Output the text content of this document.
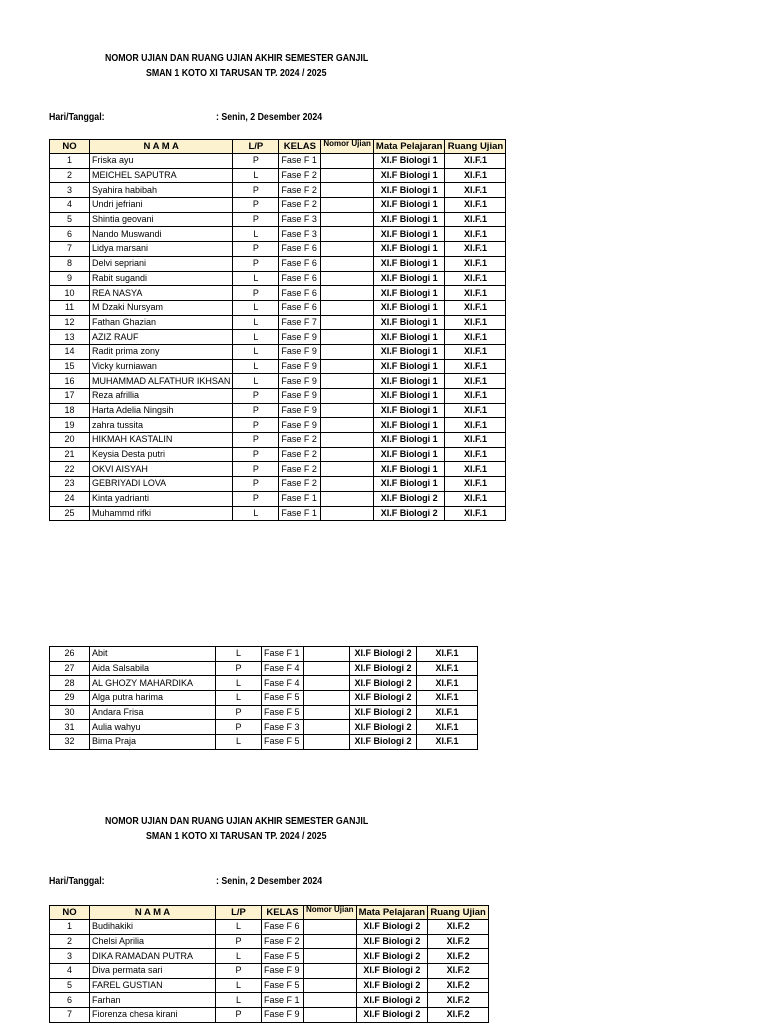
NOMOR UJIAN DAN RUANG UJIAN AKHIR SEMESTER GANJIL
SMAN 1 KOTO XI TARUSAN TP. 2024 / 2025
Hari/Tanggal:	: Senin, 2 Desember 2024
NO	N A M A	L/P	KELAS	Nomor Ujian	Mata Pelajaran	Ruang Ujian
1	Friska ayu	P	Fase F 1		XI.F Biologi 1	XI.F.1
2	MEICHEL SAPUTRA	L	Fase F 2		XI.F Biologi 1	XI.F.1
3	Syahira habibah	P	Fase F 2		XI.F Biologi 1	XI.F.1
4	Undri jefriani	P	Fase F 2		XI.F Biologi 1	XI.F.1
5	Shintia geovani	P	Fase F 3		XI.F Biologi 1	XI.F.1
6	Nando Muswandi	L	Fase F 3		XI.F Biologi 1	XI.F.1
7	Lidya marsani	P	Fase F 6		XI.F Biologi 1	XI.F.1
8	Delvi sepriani	P	Fase F 6		XI.F Biologi 1	XI.F.1
9	Rabit sugandi	L	Fase F 6		XI.F Biologi 1	XI.F.1
10	REA NASYA	P	Fase F 6		XI.F Biologi 1	XI.F.1
11	M Dzaki Nursyam	L	Fase F 6		XI.F Biologi 1	XI.F.1
12	Fathan Ghazian	L	Fase F 7		XI.F Biologi 1	XI.F.1
13	AZIZ RAUF	L	Fase F 9		XI.F Biologi 1	XI.F.1
14	Radit prima zony	L	Fase F 9		XI.F Biologi 1	XI.F.1
15	Vicky kurniawan	L	Fase F 9		XI.F Biologi 1	XI.F.1
16	MUHAMMAD ALFATHUR IKHSAN	L	Fase F 9		XI.F Biologi 1	XI.F.1
17	Reza afrillia	P	Fase F 9		XI.F Biologi 1	XI.F.1
18	Harta Adelia Ningsih	P	Fase F 9		XI.F Biologi 1	XI.F.1
19	zahra tussita	P	Fase F 9		XI.F Biologi 1	XI.F.1
20	HIKMAH KASTALIN	P	Fase F 2		XI.F Biologi 1	XI.F.1
21	Keysia Desta putri	P	Fase F 2		XI.F Biologi 1	XI.F.1
22	OKVI AISYAH	P	Fase F 2		XI.F Biologi 1	XI.F.1
23	GEBRIYADI LOVA	P	Fase F 2		XI.F Biologi 1	XI.F.1
24	Kinta yadrianti	P	Fase F 1		XI.F Biologi 2	XI.F.1
25	Muhammd rifki	L	Fase F 1		XI.F Biologi 2	XI.F.1
26	Abit	L	Fase F 1		XI.F Biologi 2	XI.F.1
27	Aida Salsabila	P	Fase F 4		XI.F Biologi 2	XI.F.1
28	AL GHOZY MAHARDIKA	L	Fase F 4		XI.F Biologi 2	XI.F.1
29	Alga putra harima	L	Fase F 5		XI.F Biologi 2	XI.F.1
30	Andara Frisa	P	Fase F 5		XI.F Biologi 2	XI.F.1
31	Aulia wahyu	P	Fase F 3		XI.F Biologi 2	XI.F.1
32	Bima Praja	L	Fase F 5		XI.F Biologi 2	XI.F.1
NOMOR UJIAN DAN RUANG UJIAN AKHIR SEMESTER GANJIL
SMAN 1 KOTO XI TARUSAN TP. 2024 / 2025
Hari/Tanggal:	: Senin, 2 Desember 2024
NO	N A M A	L/P	KELAS	Nomor Ujian	Mata Pelajaran	Ruang Ujian
1	Budihakiki	L	Fase F 6		XI.F Biologi 2	XI.F.2
2	Chelsi Aprilia	P	Fase F 2		XI.F Biologi 2	XI.F.2
3	DIKA RAMADAN PUTRA	L	Fase F 5		XI.F Biologi 2	XI.F.2
4	Diva permata sari	P	Fase F 9		XI.F Biologi 2	XI.F.2
5	FAREL GUSTIAN	L	Fase F 5		XI.F Biologi 2	XI.F.2
6	Farhan	L	Fase F 1		XI.F Biologi 2	XI.F.2
7	Fiorenza chesa kirani	P	Fase F 9		XI.F Biologi 2	XI.F.2
